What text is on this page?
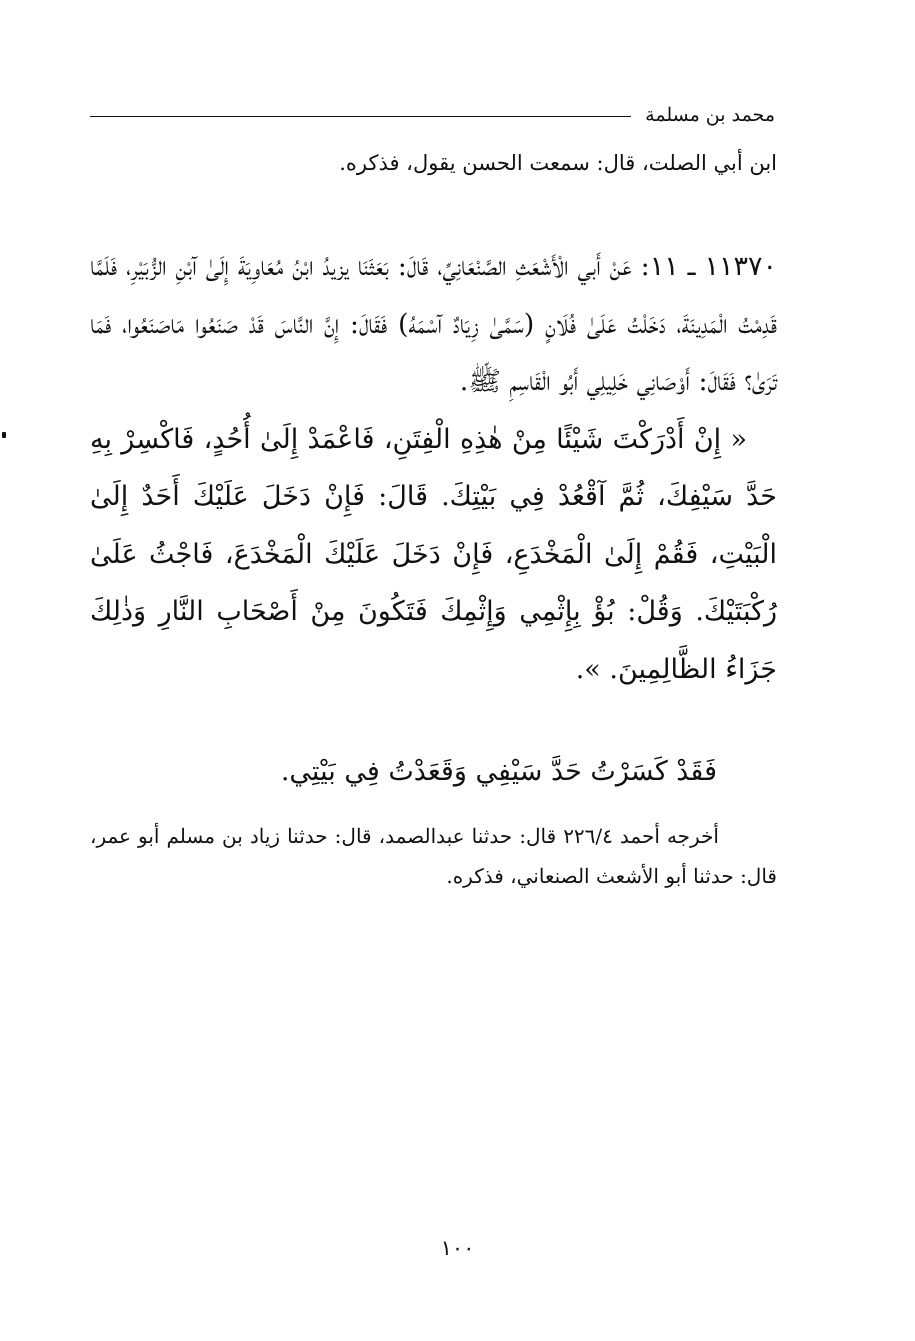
محمد بن مسلمة
ابن أبي الصلت، قال: سمعت الحسن يقول، فذكره.

١١٣٧٠ ـ ١١: عَنْ أَبي الْأَشْعَثِ الصَّنْعَانِيِّ، قَالَ: بَعَثَنَا يزيدُ ابْنُ مُعَاوِيَةَ إِلَىٰ آبْنِ الزُّبَيْرِ، فَلَمَّا قَدِمْتُ الْمَدِينَةَ، دَخَلْتُ عَلَىٰ فُلَانٍ (سَمَّىٰ زِيَادٌ آسْمَهُ) فَقَالَ: إِنَّ النَّاسَ قَدْ صَنَعُوا مَاصَنَعُوا، فَمَا تَرَىٰ؟ فَقَالَ: أَوْصَانِي خَلِيلِي أَبُو الْقَاسِمِ ﷺ.

« إِنْ أَدْرَكْتَ شَيْئًا مِنْ هٰذِهِ الْفِتَنِ، فَاعْمَدْ إِلَىٰ أُحُدٍ، فَاكْسِرْ بِهِ حَدَّ سَيْفِكَ، ثُمَّ آقْعُدْ فِي بَيْتِكَ. قَالَ: فَإِنْ دَخَلَ عَلَيْكَ أَحَدٌ إِلَىٰ الْبَيْتِ، فَقُمْ إِلَىٰ الْمَخْدَعِ، فَإِنْ دَخَلَ عَلَيْكَ الْمَخْدَعَ، فَاجْثُ عَلَىٰ رُكْبَتَيْكَ. وَقُلْ: بُؤْ بِإِثْمِي وَإِثْمِكَ فَتَكُونَ مِنْ أَصْحَابِ النَّارِ وَذٰلِكَ جَزَاءُ الظَّالِمِينَ. ».

فَقَدْ كَسَرْتُ حَدَّ سَيْفِي وَقَعَدْتُ فِي بَيْتِي.
أخرجه أحمد ٢٢٦/٤ قال: حدثنا عبدالصمد، قال: حدثنا زياد بن مسلم أبو عمر، قال: حدثنا أبو الأشعث الصنعاني، فذكره.
١٠٠
